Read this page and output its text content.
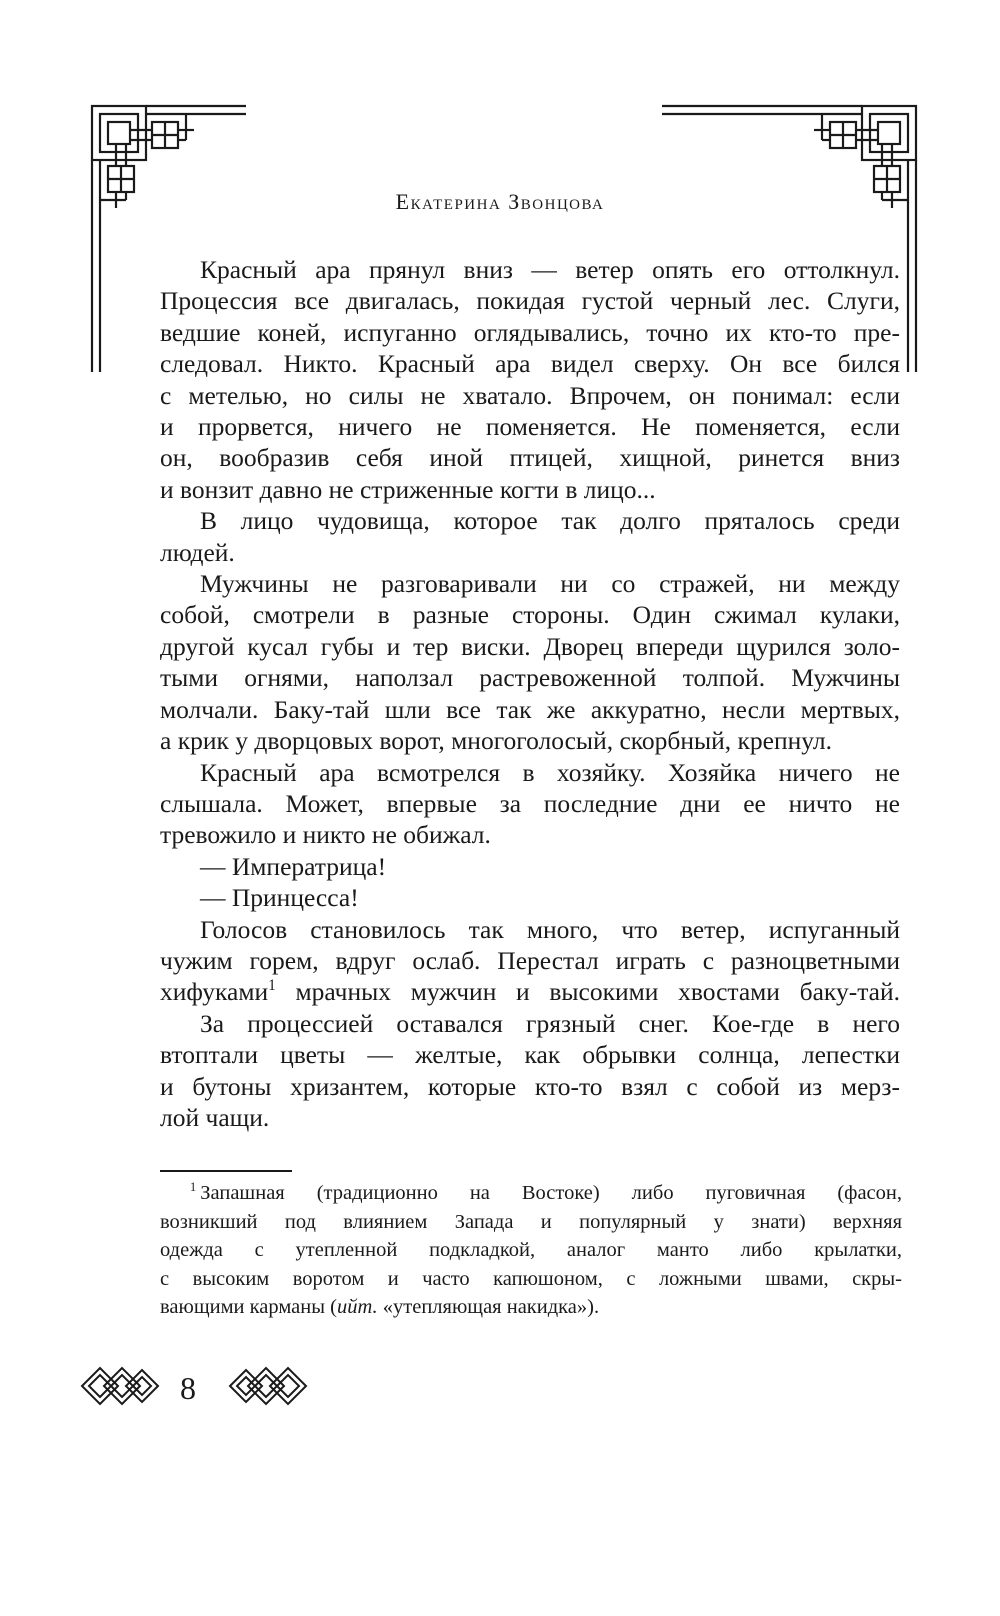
Екатерина Звонцова
Красный ара прянул вниз — ветер опять его оттолкнул.
Процессия все двигалась, покидая густой черный лес. Слуги,
ведшие коней, испуганно оглядывались, точно их кто-то пре-
следовал. Никто. Красный ара видел сверху. Он все бился
с метелью, но силы не хватало. Впрочем, он понимал: если
и прорвется, ничего не поменяется. Не поменяется, если
он, вообразив себя иной птицей, хищной, ринется вниз
и вонзит давно не стриженные когти в лицо...
В лицо чудовища, которое так долго пряталось среди
людей.
Мужчины не разговаривали ни со стражей, ни между
собой, смотрели в разные стороны. Один сжимал кулаки,
другой кусал губы и тер виски. Дворец впереди щурился золо-
тыми огнями, наползал растревоженной толпой. Мужчины
молчали. Баку-тай шли все так же аккуратно, несли мертвых,
а крик у дворцовых ворот, многоголосый, скорбный, крепнул.
Красный ара всмотрелся в хозяйку. Хозяйка ничего не
слышала. Может, впервые за последние дни ее ничто не
тревожило и никто не обижал.
— Императрица!
— Принцесса!
Голосов становилось так много, что ветер, испуганный
чужим горем, вдруг ослаб. Перестал играть с разноцветными
хифуками$^1$ мрачных мужчин и высокими хвостами баку-тай.
За процессией оставался грязный снег. Кое-где в него
втоптали цветы — желтые, как обрывки солнца, лепестки
и бутоны хризантем, которые кто-то взял с собой из мерз-
лой чащи.
$^1$  Запашная (традиционно на Востоке) либо пуговичная (фасон,
возникший под влиянием Запада и популярный у знати) верхняя
одежда с утепленной подкладкой, аналог манто либо крылатки,
с высоким воротом и часто капюшоном, с ложными швами, скры-
вающими карманы (ийт. «утепляющая накидка»).
8
